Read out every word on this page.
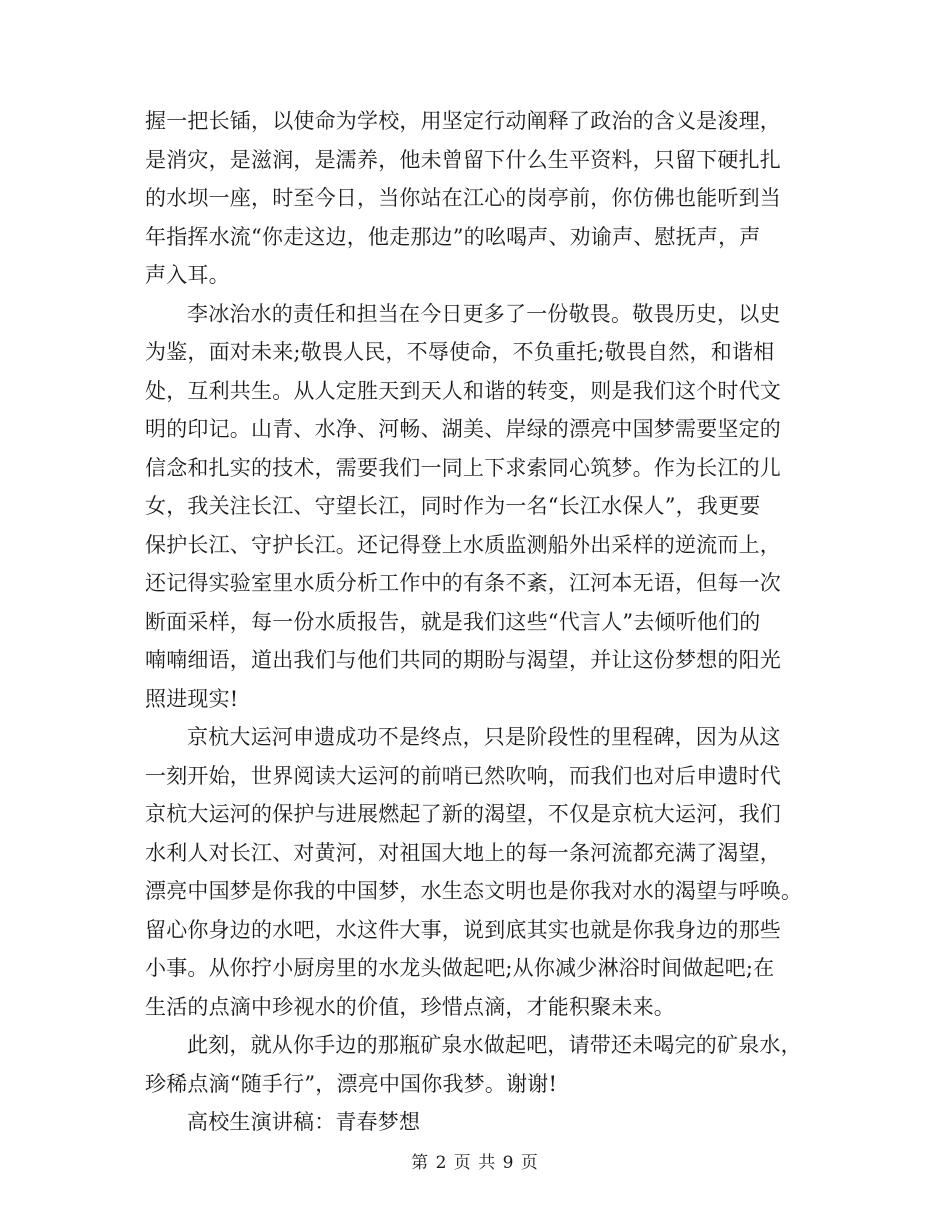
握一把长锸，以使命为学校，用坚定行动阐释了政治的含义是浚理，
是消灾，是滋润，是濡养，他未曾留下什么生平资料，只留下硬扎扎
的水坝一座，时至今日，当你站在江心的岗亭前，你仿佛也能听到当
年指挥水流“你走这边，他走那边”的吆喝声、劝谕声、慰抚声，声
声入耳。
李冰治水的责任和担当在今日更多了一份敬畏。敬畏历史，以史
为鉴，面对未来;敬畏人民，不辱使命，不负重托;敬畏自然，和谐相
处，互利共生。从人定胜天到天人和谐的转变，则是我们这个时代文
明的印记。山青、水净、河畅、湖美、岸绿的漂亮中国梦需要坚定的
信念和扎实的技术，需要我们一同上下求索同心筑梦。作为长江的儿
女，我关注长江、守望长江，同时作为一名“长江水保人”，我更要
保护长江、守护长江。还记得登上水质监测船外出采样的逆流而上，
还记得实验室里水质分析工作中的有条不紊，江河本无语，但每一次
断面采样，每一份水质报告，就是我们这些“代言人”去倾听他们的
喃喃细语，道出我们与他们共同的期盼与渴望，并让这份梦想的阳光
照进现实!
京杭大运河申遗成功不是终点，只是阶段性的里程碑，因为从这
一刻开始，世界阅读大运河的前哨已然吹响，而我们也对后申遗时代
京杭大运河的保护与进展燃起了新的渴望，不仅是京杭大运河，我们
水利人对长江、对黄河，对祖国大地上的每一条河流都充满了渴望，
漂亮中国梦是你我的中国梦，水生态文明也是你我对水的渴望与呼唤。
留心你身边的水吧，水这件大事，说到底其实也就是你我身边的那些
小事。从你拧小厨房里的水龙头做起吧;从你减少淋浴时间做起吧;在
生活的点滴中珍视水的价值，珍惜点滴，才能积聚未来。
此刻，就从你手边的那瓶矿泉水做起吧，请带还未喝完的矿泉水，
珍稀点滴“随手行”，漂亮中国你我梦。谢谢!
高校生演讲稿：青春梦想
第 2 页 共 9 页
